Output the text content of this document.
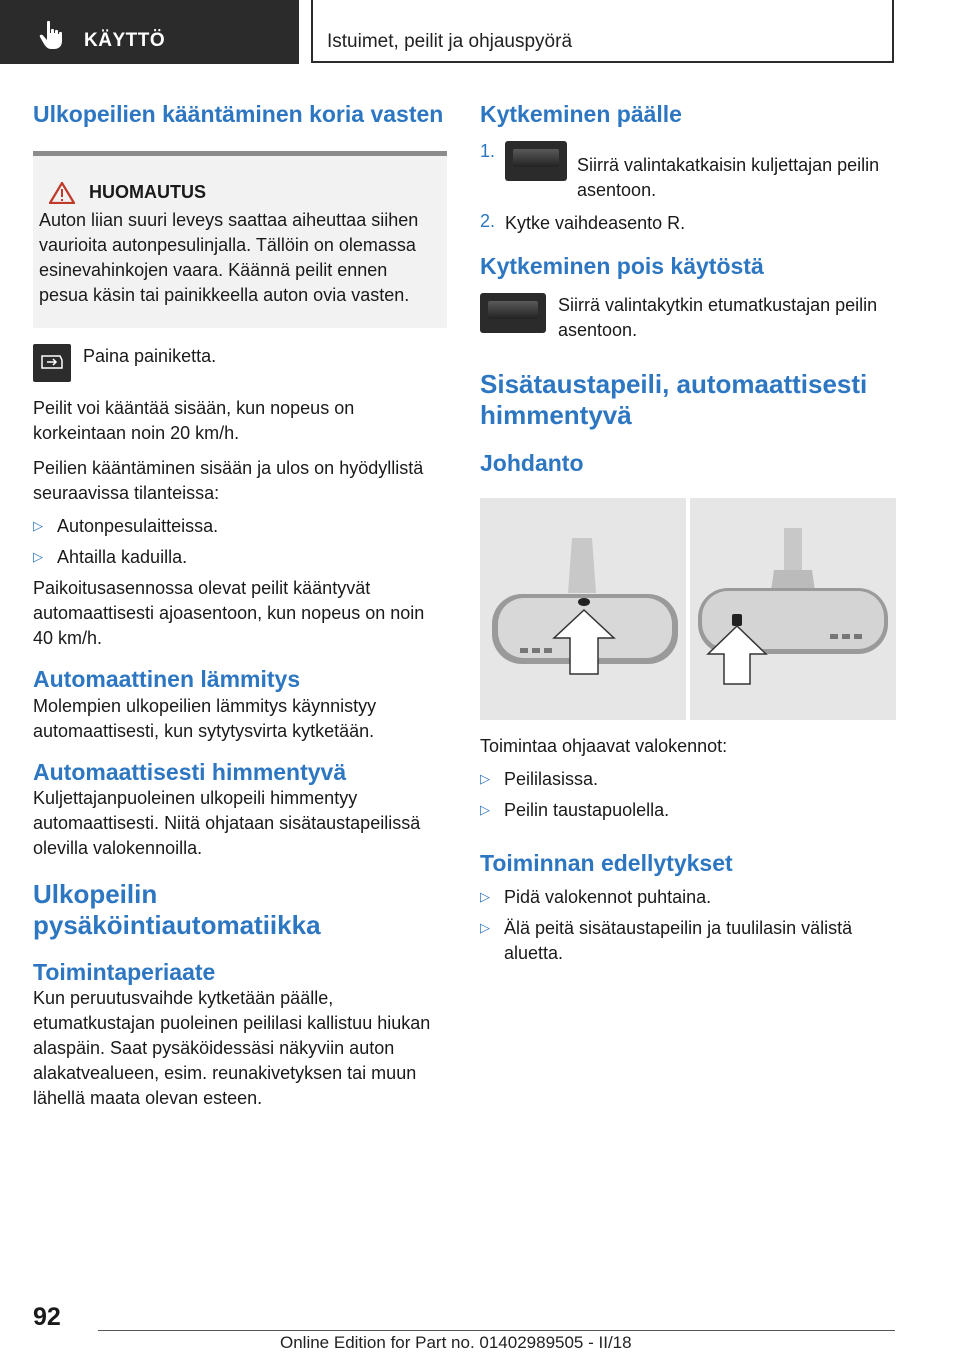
KÄYTTÖ	Istuimet, peilit ja ohjauspyörä
Ulkopeilien kääntäminen koria vasten
HUOMAUTUS

Auton liian suuri leveys saattaa aiheuttaa siihen vaurioita autonpesulinjalla. Tällöin on olemassa esinevahinkojen vaara. Käännä peilit ennen pesua käsin tai painikkeella auton ovia vasten.

Paina painiketta.

Peilit voi kääntää sisään, kun nopeus on korkeintaan noin 20 km/h.

Peilien kääntäminen sisään ja ulos on hyödyllistä seuraavissa tilanteissa:

▷ Autonpesulaitteissa.

▷ Ahtailla kaduilla.

Paikoitusasennossa olevat peilit kääntyvät automaattisesti ajoasentoon, kun nopeus on noin 40 km/h.

Automaattinen lämmitys

Molempien ulkopeilien lämmitys käynnistyy automaattisesti, kun sytytysvirta kytketään.

Automaattisesti himmentyvä

Kuljettajanpuoleinen ulkopeili himmentyy automaattisesti. Niitä ohjataan sisätaustapeilissä olevilla valokennoilla.

Ulkopeilin pysäköintiautomatiikka
Toimintaperiaate

Kun peruutusvaihde kytketään päälle, etumatkustajan puoleinen peililasi kallistuu hiukan alaspäin. Saat pysäköidessäsi näkyviin auton alakatvealueen, esim. reunakivetyksen tai muun lähellä maata olevan esteen.

Kytkeminen päälle
1.

Siirrä valintakatkaisin kuljettajan peilin asentoon.

2. Kytke vaihdeasento R.

Kytkeminen pois käytöstä

Siirrä valintakytkin etumatkustajan peilin asentoon.

Sisätaustapeili, automaattisesti himmentyvä
Johdanto

Toimintaa ohjaavat valokennot:

▷ Peililasissa.

▷ Peilin taustapuolella.

Toiminnan edellytykset
▷ Pidä valokennot puhtaina.

▷ Älä peitä sisätaustapeilin ja tuulilasin välistä aluetta.

92
Online Edition for Part no. 01402989505 - II/18
